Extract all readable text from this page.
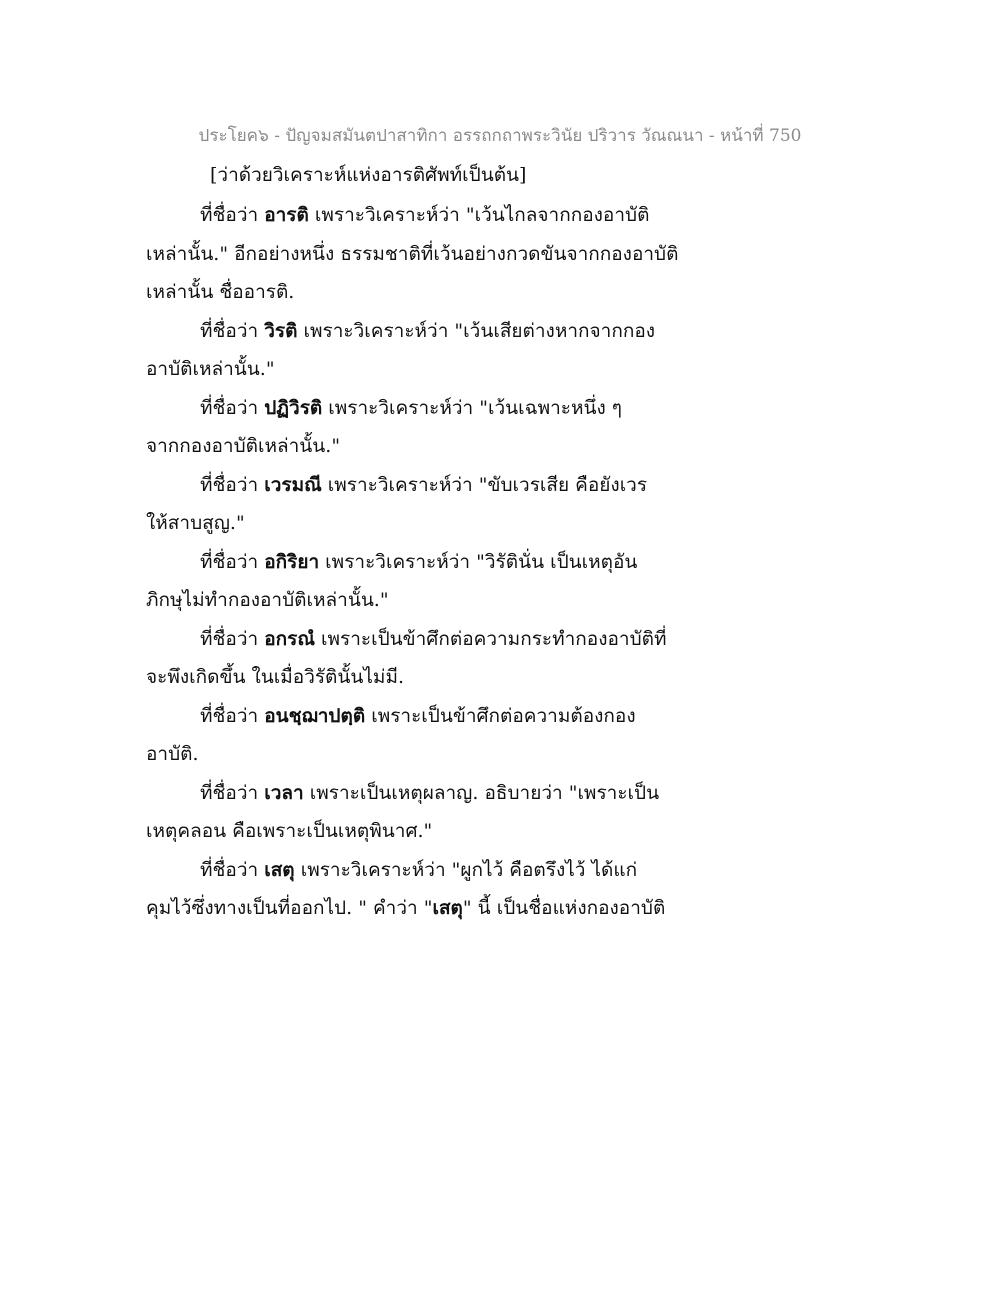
ประโยค๖ - ปัญจมสมันตปาสาทิกา อรรถกถาพระวินัย ปริวาร วัณณนา - หน้าที่ 750
[ว่าด้วยวิเคราะห์แห่งอารติศัพท์เป็นต้น]
ที่ชื่อว่า อารติ เพราะวิเคราะห์ว่า "เว้นไกลจากกองอาบัติ
เหล่านั้น." อีกอย่างหนึ่ง ธรรมชาติที่เว้นอย่างกวดขันจากกองอาบัติ
เหล่านั้น ชื่ออารติ.
ที่ชื่อว่า วิรติ เพราะวิเคราะห์ว่า "เว้นเสียต่างหากจากกอง
อาบัติเหล่านั้น."
ที่ชื่อว่า ปฏิวิรติ เพราะวิเคราะห์ว่า "เว้นเฉพาะหนึ่ง ๆ
จากกองอาบัติเหล่านั้น."
ที่ชื่อว่า เวรมณี เพราะวิเคราะห์ว่า "ขับเวรเสีย คือยังเวร
ให้สาบสูญ."
ที่ชื่อว่า อกิริยา เพราะวิเคราะห์ว่า "วิรัตินั่น เป็นเหตุอัน
ภิกษุไม่ทำกองอาบัติเหล่านั้น."
ที่ชื่อว่า อกรณํ เพราะเป็นข้าศึกต่อความกระทำกองอาบัติที่
จะพึงเกิดขึ้น ในเมื่อวิรัตินั้นไม่มี.
ที่ชื่อว่า อนชฺฌาปตฺติ เพราะเป็นข้าศึกต่อความต้องกอง
อาบัติ.
ที่ชื่อว่า เวลา เพราะเป็นเหตุผลาญ. อธิบายว่า "เพราะเป็น
เหตุคลอน คือเพราะเป็นเหตุพินาศ."
ที่ชื่อว่า เสตุ เพราะวิเคราะห์ว่า "ผูกไว้ คือตรึงไว้ ได้แก่
คุมไว้ซึ่งทางเป็นที่ออกไป. " คำว่า "เสตุ" นี้ เป็นชื่อแห่งกองอาบัติ
